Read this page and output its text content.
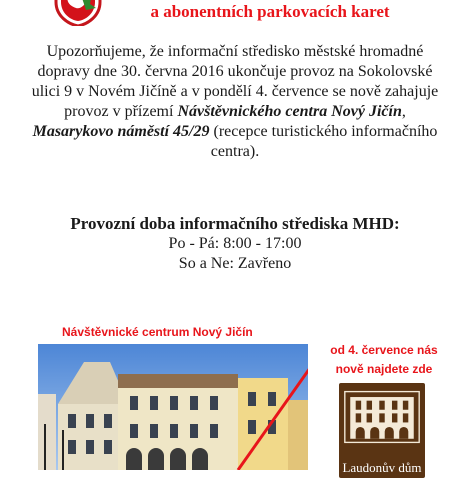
a abonentních parkovacích karet

Upozorňujeme, že informační středisko městské hromadné dopravy dne 30. června 2016 ukončuje provoz na Sokolovské ulici 9 v Novém Jičíně a v pondělí 4. července se nově zahajuje provoz v přízemí Návštěvnického centra Nový Jičín, Masarykovo náměstí 45/29 (recepce turistického informačního centra).

Provozní doba informačního střediska MHD:
Po - Pá: 8:00 - 17:00
So a Ne: Zavřeno
Návštěvnické centrum Nový Jičín
od 4. července nás
nově najdete zde
Laudonův dům
